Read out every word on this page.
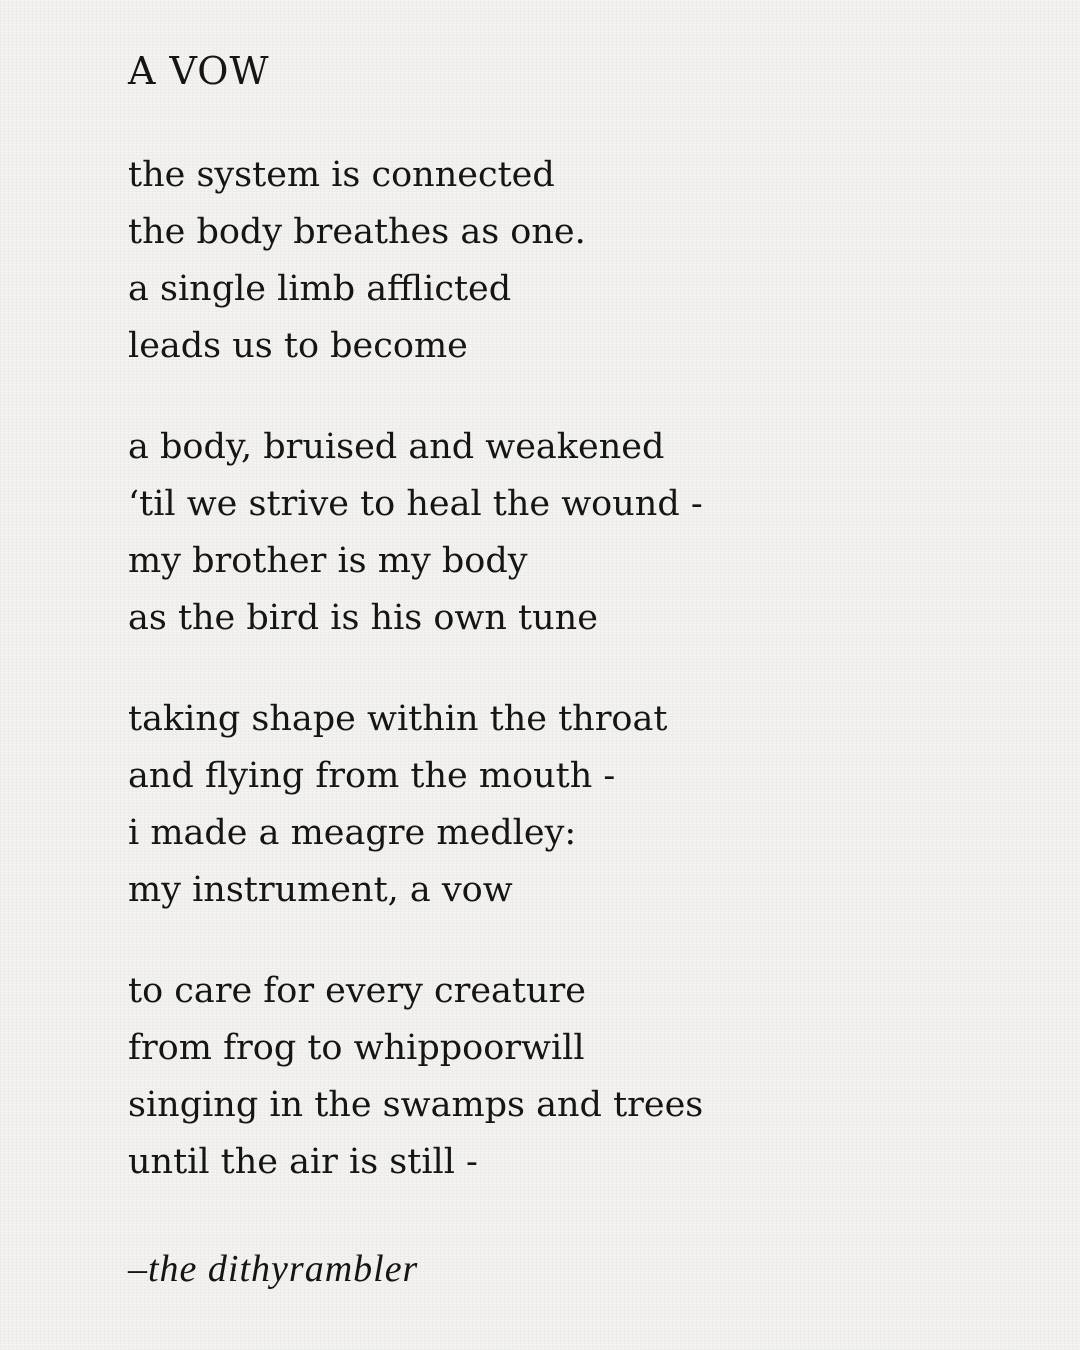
A VOW
the system is connected
the body breathes as one.
a single limb afflicted
leads us to become
a body, bruised and weakened
‘til we strive to heal the wound -
my brother is my body
as the bird is his own tune
taking shape within the throat
and flying from the mouth -
i made a meagre medley:
my instrument, a vow
to care for every creature
from frog to whippoorwill
singing in the swamps and trees
until the air is still -
–the dithyrambler
